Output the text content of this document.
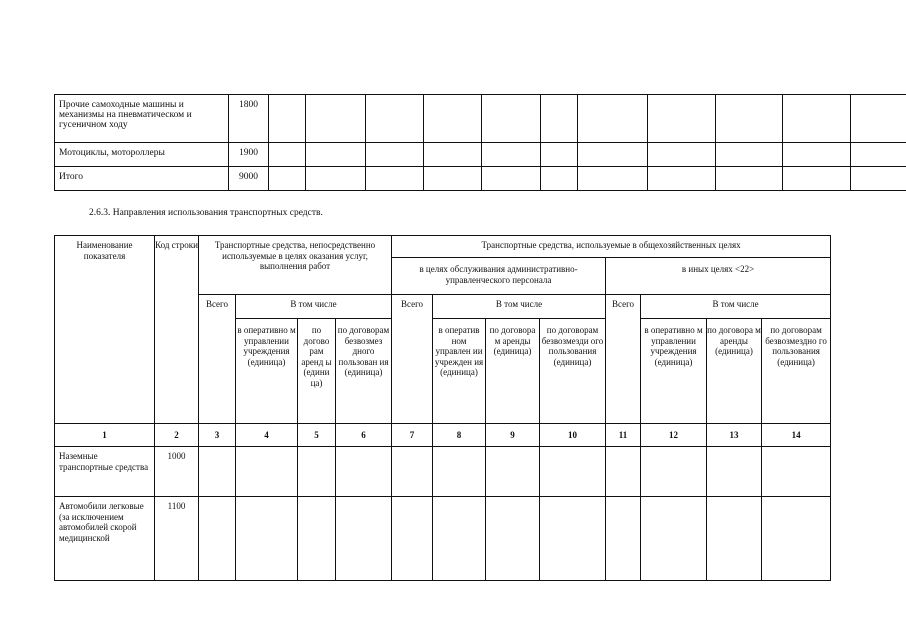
Прочие самоходные машины и механизмы на пневматическом и гусеничном ходу	1800											
Мотоциклы, мотороллеры	1900											
Итого	9000											
2.6.3. Направления использования транспортных средств.
Наименование показателя	Код строки	Транспортные средства, непосредственно используемые в целях оказания услуг, выполнения работ				Транспортные средства, используемые в общехозяйственных целях							
						в целях обслуживания административно-управленческого персонала				в иных целях <22>			
		Всего	В том числе			Всего	В том числе			Всего	В том числе		
			в оперативно м управлении учреждения (единица)	по догово рам аренд ы (едини ца)	по договорам безвозмез дного пользован ия (единица)		в оператив ном управлен ии учрежден ия (единица)	по договора м аренды (единица)	по договорам безвозмезди ого пользования (единица)		в оперативно м управлении учреждения (единица)	по договора м аренды (единица)	по договорам безвозмездно го пользования (единица)
1	2	3	4	5	6	7	8	9	10	11	12	13	14
Наземные транспортные средства	1000												
Автомобили легковые (за исключением автомобилей скорой медицинской	1100												
